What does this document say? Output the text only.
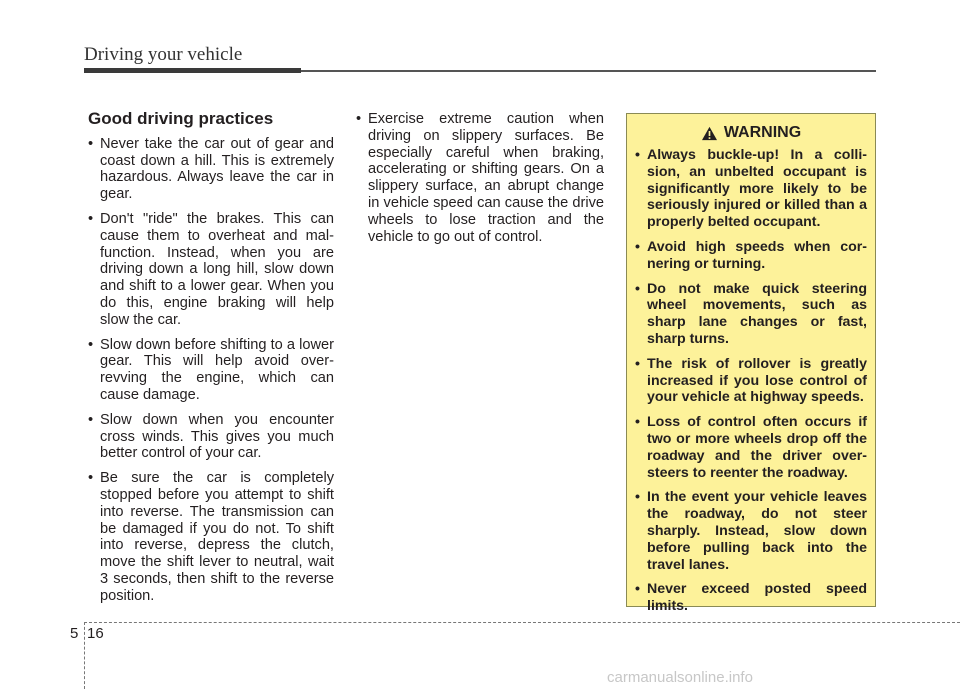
Driving your vehicle
Good driving practices
• Never take the car out of gear and coast down a hill. This is extremely hazardous. Always leave the car in gear.
• Don't "ride" the brakes. This can cause them to overheat and mal-function. Instead, when you are driving down a long hill, slow down and shift to a lower gear. When you do this, engine braking will help slow the car.
• Slow down before shifting to a lower gear. This will help avoid over-revving the engine, which can cause damage.
• Slow down when you encounter cross winds. This gives you much better control of your car.
• Be sure the car is completely stopped before you attempt to shift into reverse. The transmission can be damaged if you do not. To shift into reverse, depress the clutch, move the shift lever to neutral, wait 3 seconds, then shift to the reverse position.
• Exercise extreme caution when driving on slippery surfaces. Be especially careful when braking, accelerating or shifting gears. On a slippery surface, an abrupt change in vehicle speed can cause the drive wheels to lose traction and the vehicle to go out of control.
WARNING
• Always buckle-up! In a colli-sion, an unbelted occupant is significantly more likely to be seriously injured or killed than a properly belted occupant.
• Avoid high speeds when cor-nering or turning.
• Do not make quick steering wheel movements, such as sharp lane changes or fast, sharp turns.
• The risk of rollover is greatly increased if you lose control of your vehicle at highway speeds.
• Loss of control often occurs if two or more wheels drop off the roadway and the driver over-steers to reenter the roadway.
• In the event your vehicle leaves the roadway, do not steer sharply. Instead, slow down before pulling back into the travel lanes.
• Never exceed posted speed limits.
5 16
carmanualsonline.info
